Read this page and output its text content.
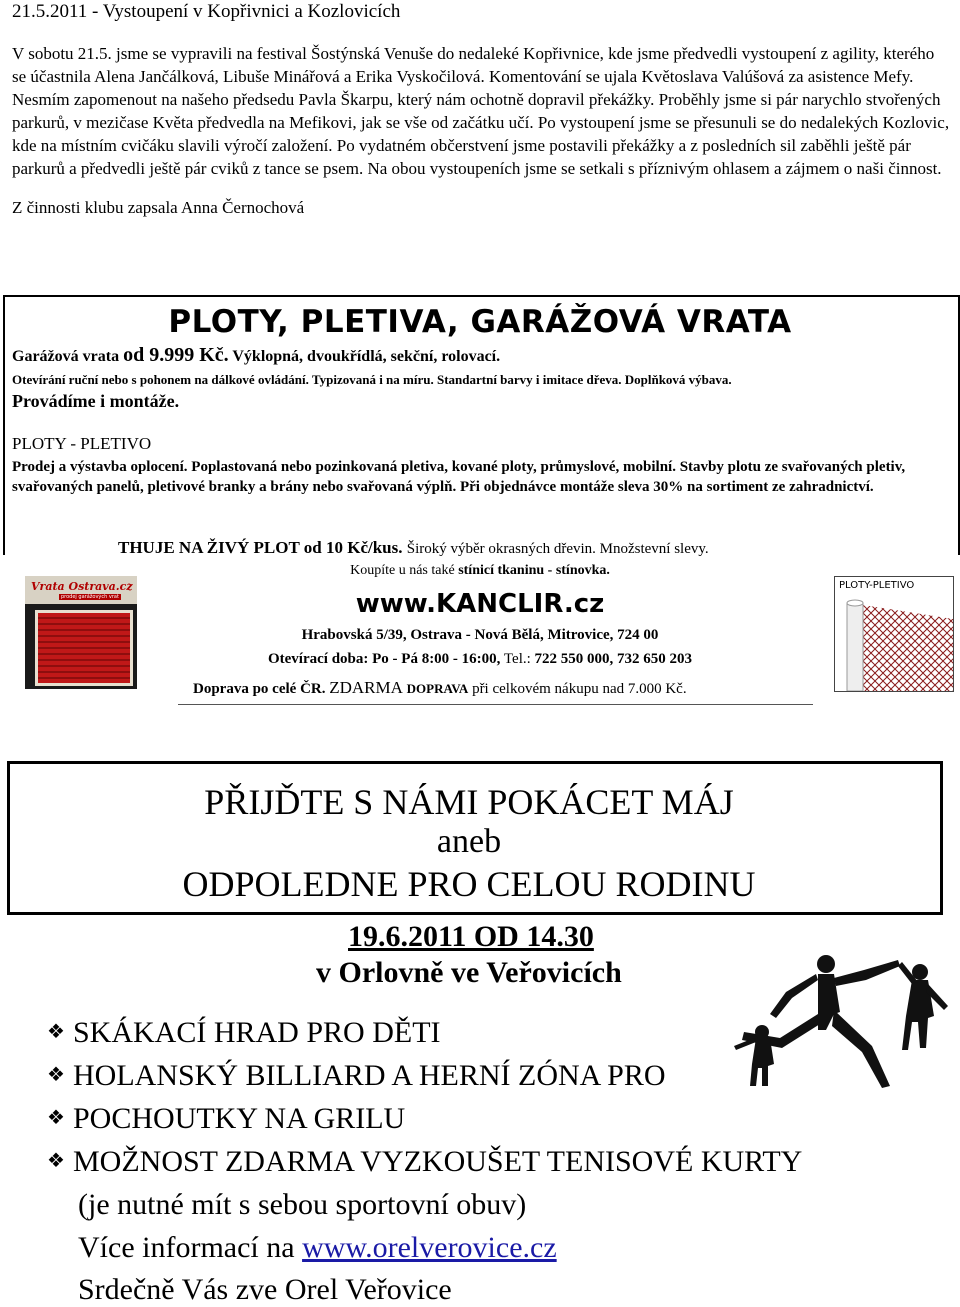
21.5.2011 - Vystoupení v Kopřivnici a Kozlovicích

V sobotu 21.5. jsme se vypravili na festival Šostýnská Venuše do nedaleké Kopřivnice, kde jsme předvedli vystoupení z agility, kterého se účastnila Alena Jančálková, Libuše Minářová a Erika Vyskočilová. Komentování se ujala Květoslava Valúšová za asistence Mefy. Nesmím zapomenout na našeho předsedu Pavla Škarpu, který nám ochotně dopravil překážky. Proběhly jsme si pár narychlo stvořených parkurů, v mezičase Květa předvedla na Mefikovi, jak se vše od začátku učí. Po vystoupení jsme se přesunuli se do nedalekých Kozlovic, kde na místním cvičáku slavili výročí založení. Po vydatném občerstvení jsme postavili překážky a z posledních sil zaběhli ještě pár parkurů a předvedli ještě pár cviků z tance se psem. Na obou vystoupeních jsme se setkali s příznivým ohlasem a zájmem o naši činnost.

Z činnosti klubu zapsala Anna Černochová

PLOTY, PLETIVA, GARÁŽOVÁ VRATA
Garážová vrata od 9.999 Kč. Výklopná, dvoukřídlá, sekční, rolovací.
Otevírání ruční nebo s pohonem na dálkové ovládání. Typizovaná i na míru. Standartní barvy i imitace dřeva. Doplňková výbava.
Provádíme i montáže.
PLOTY - PLETIVO
Prodej a výstavba oplocení. Poplastovaná nebo pozinkovaná pletiva, kované ploty, průmyslové, mobilní. Stavby plotu ze svařovaných pletiv, svařovaných panelů, pletivové branky a brány nebo svařovaná výplň. Při objednávce montáže sleva 30% na sortiment ze zahradnictví.
THUJE NA ŽIVÝ PLOT od 10 Kč/kus. Široký výběr okrasných dřevin. Množstevní slevy.
Koupíte u nás také stínicí tkaninu - stínovka.
www.KANCLIR.cz
Hrabovská 5/39, Ostrava - Nová Bělá, Mitrovice, 724 00
Otevírací doba: Po - Pá 8:00 - 16:00, Tel.: 722 550 000, 732 650 203
Doprava po celé ČR. ZDARMA DOPRAVA při celkovém nákupu nad 7.000 Kč.
Vrata Ostrava.cz
prodej garážových vrat
PLOTY-PLETIVO
PŘIJĎTE S NÁMI POKÁCET MÁJ
aneb
ODPOLEDNE PRO CELOU RODINU
19.6.2011 OD 14.30
v Orlovně ve Veřovicích
❖ SKÁKACÍ HRAD PRO DĚTI
❖ HOLANSKÝ BILLIARD A HERNÍ ZÓNA PRO
❖ POCHOUTKY NA GRILU
❖ MOŽNOST ZDARMA VYZKOUŠET TENISOVÉ KURTY
(je nutné mít s sebou sportovní obuv)
Více informací na www.orelverovice.cz
Srdečně Vás zve Orel Veřovice
